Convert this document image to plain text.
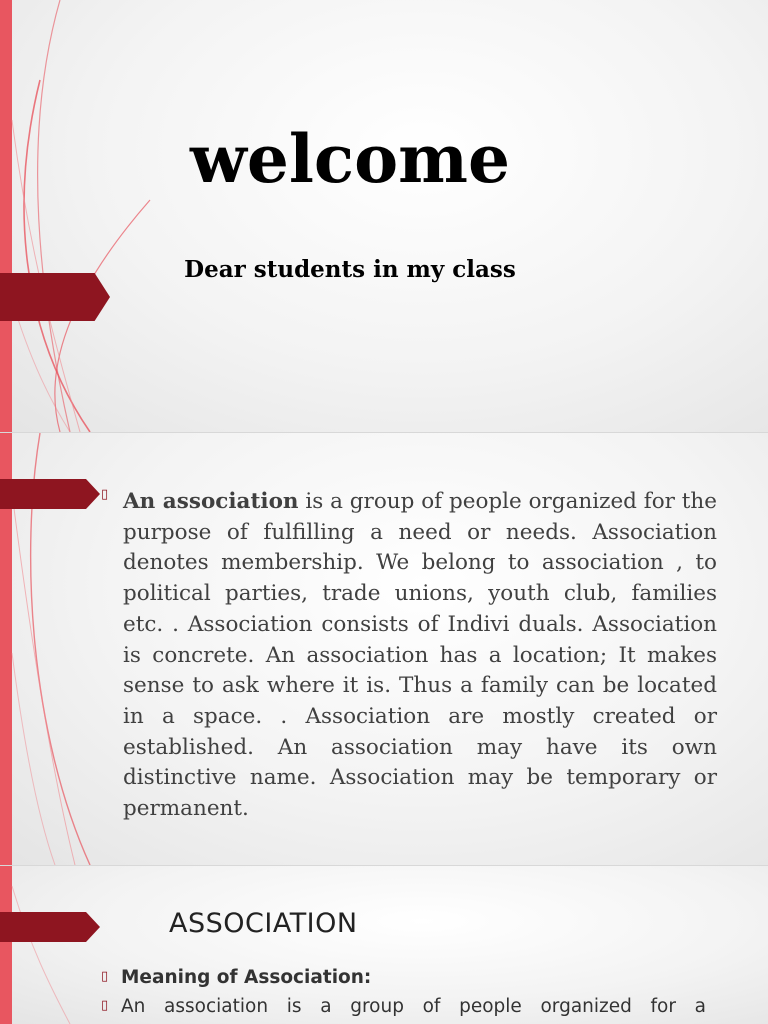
welcome
Dear students in my class
▯ An association is a group of people organized for the purpose of fulfilling a need or needs. Association denotes membership. We belong to association , to political parties, trade unions, youth club, families etc. . Association consists of Indivi duals. Association is concrete. An association has a location; It makes sense to ask where it is. Thus a family can be located in a space. . Association are mostly created or established. An association may have its own distinctive name. Association may be temporary or permanent.
ASSOCIATION
▯ Meaning of Association:
▯ An association is a group of people organized for a
